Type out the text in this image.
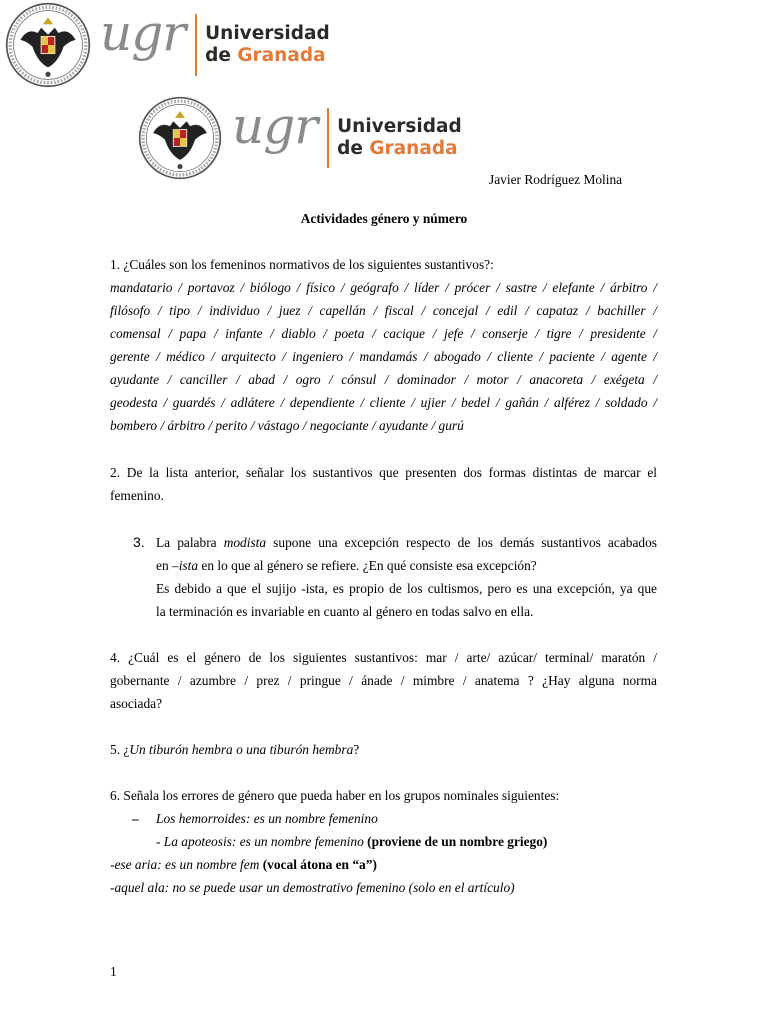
ugr Universidad
de Granada
ugr Universidad
de Granada
Javier Rodríguez Molina
Actividades género y número
1. ¿Cuáles son los femeninos normativos de los siguientes sustantivos?:
mandatario / portavoz / biólogo / físico / geógrafo / líder / prócer / sastre / elefante / árbitro /
filósofo / tipo / individuo / juez / capellán / fiscal / concejal / edil / capataz / bachiller /
comensal / papa / infante / diablo / poeta / cacique / jefe / conserje / tigre / presidente /
gerente / médico / arquitecto / ingeniero / mandamás / abogado / cliente / paciente / agente /
ayudante / canciller / abad / ogro / cónsul / dominador / motor / anacoreta / exégeta /
geodesta / guardés / adlátere / dependiente / cliente / ujier / bedel / gañán / alférez / soldado /
bombero / árbitro / perito / vástago / negociante / ayudante / gurú
2. De la lista anterior, señalar los sustantivos que presenten dos formas distintas de marcar el
femenino.
3. La palabra modista supone una excepción respecto de los demás sustantivos acabados
en –ista en lo que al género se refiere. ¿En qué consiste esa excepción?
Es debido a que el sujijo -ista, es propio de los cultismos, pero es una excepción, ya que
la terminación es invariable en cuanto al género en todas salvo en ella.
4. ¿Cuál es el género de los siguientes sustantivos: mar / arte/ azúcar/ terminal/ maratón /
gobernante / azumbre / prez / pringue / ánade / mimbre / anatema ? ¿Hay alguna norma
asociada?
5. ¿Un tiburón hembra o una tiburón hembra?
6. Señala los errores de género que pueda haber en los grupos nominales siguientes:
– Los hemorroides: es un nombre femenino
- La apoteosis: es un nombre femenino (proviene de un nombre griego)
-ese aria: es un nombre fem (vocal átona en “a”)
-aquel ala: no se puede usar un demostrativo femenino (solo en el artículo)
1
